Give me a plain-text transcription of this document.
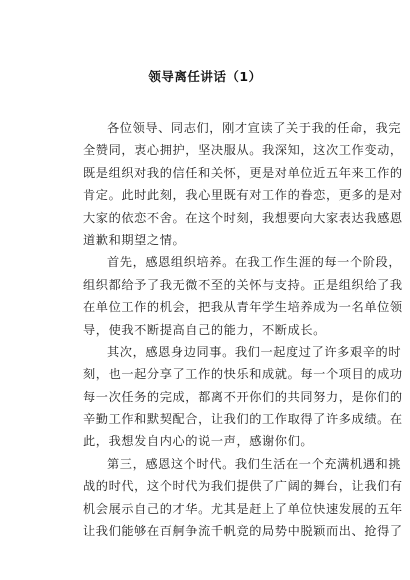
领导离任讲话（1）
各位领导、同志们，刚才宣读了关于我的任命，我完
全赞同，衷心拥护，坚决服从。我深知，这次工作变动，
既是组织对我的信任和关怀，更是对单位近五年来工作的
肯定。此时此刻，我心里既有对工作的眷恋，更多的是对
大家的依恋不舍。在这个时刻，我想要向大家表达我感恩
道歉和期望之情。
首先，感恩组织培养。在我工作生涯的每一个阶段，
组织都给予了我无微不至的关怀与支持。正是组织给了我
在单位工作的机会，把我从青年学生培养成为一名单位领
导，使我不断提高自己的能力，不断成长。
其次，感恩身边同事。我们一起度过了许多艰辛的时
刻，也一起分享了工作的快乐和成就。每一个项目的成功
每一次任务的完成，都离不开你们的共同努力，是你们的
辛勤工作和默契配合，让我们的工作取得了许多成绩。在
此，我想发自内心的说一声，感谢你们。
第三，感恩这个时代。我们生活在一个充满机遇和挑
战的时代，这个时代为我们提供了广阔的舞台，让我们有
机会展示自己的才华。尤其是赶上了单位快速发展的五年
让我们能够在百舸争流千帆竞的局势中脱颖而出、抢得了
